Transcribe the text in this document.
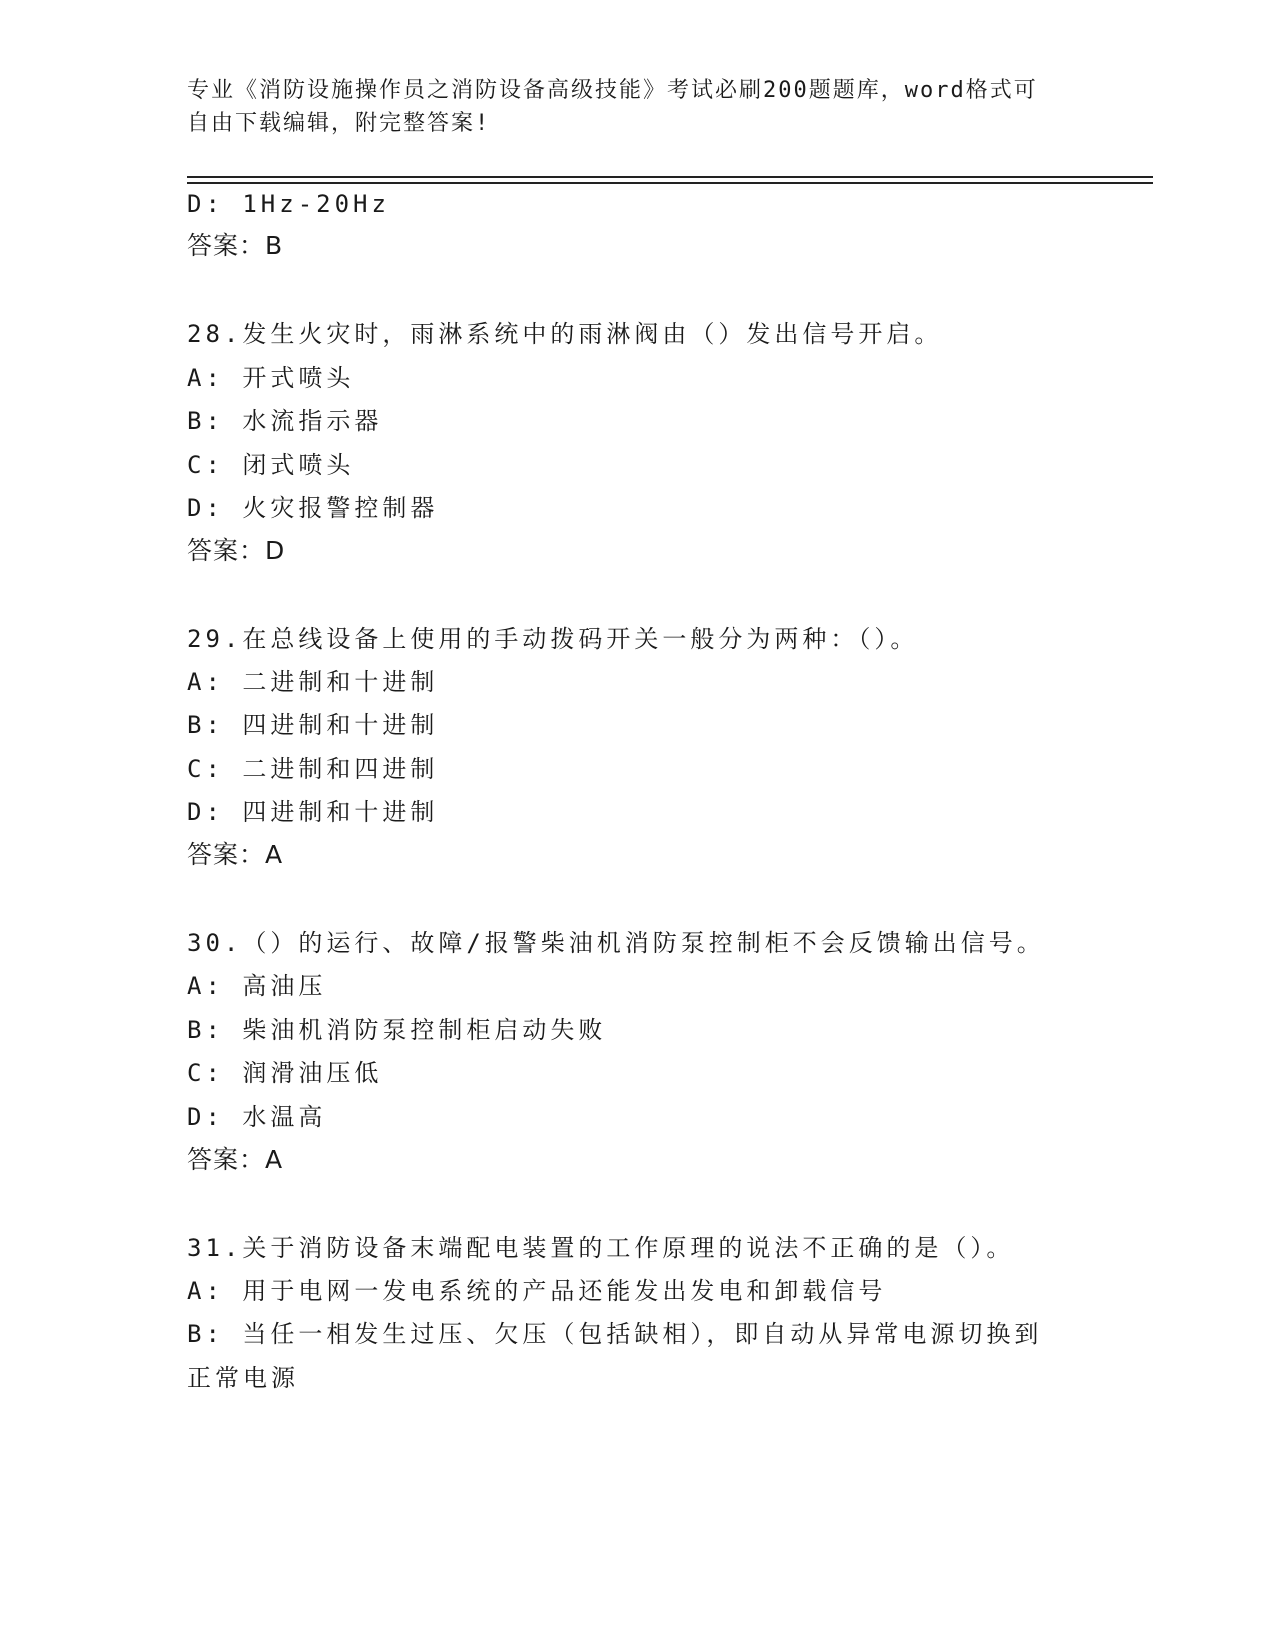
专业《消防设施操作员之消防设备高级技能》考试必刷200题题库，word格式可
自由下载编辑，附完整答案!
D: 1Hz-20Hz
答案：B
28.发生火灾时，雨淋系统中的雨淋阀由（）发出信号开启。
A: 开式喷头
B: 水流指示器
C: 闭式喷头
D: 火灾报警控制器
答案：D
29.在总线设备上使用的手动拨码开关一般分为两种：（）。
A: 二进制和十进制
B: 四进制和十进制
C: 二进制和四进制
D: 四进制和十进制
答案：A
30.（）的运行、故障/报警柴油机消防泵控制柜不会反馈输出信号。
A: 高油压
B: 柴油机消防泵控制柜启动失败
C: 润滑油压低
D: 水温高
答案：A
31.关于消防设备末端配电装置的工作原理的说法不正确的是（）。
A: 用于电网一发电系统的产品还能发出发电和卸载信号
B: 当任一相发生过压、欠压（包括缺相），即自动从异常电源切换到
正常电源
